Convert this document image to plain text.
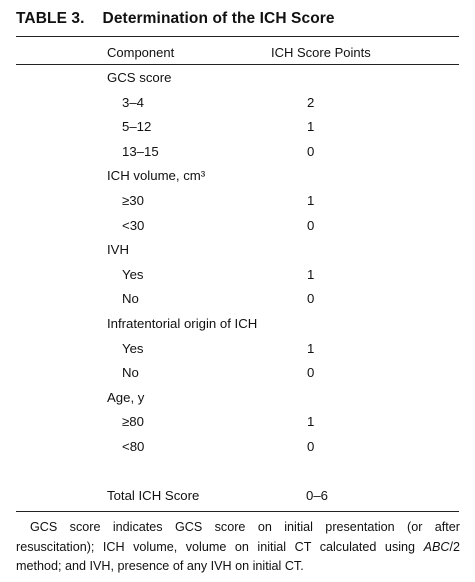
TABLE 3. Determination of the ICH Score
Component	ICH Score Points
GCS score
3–4	2
5–12	1
13–15	0
ICH volume, cm³
≥30	1
<30	0
IVH
Yes	1
No	0
Infratentorial origin of ICH
Yes	1
No	0
Age, y
≥80	1
<80	0
Total ICH Score	0–6
GCS score indicates GCS score on initial presentation (or after resuscitation); ICH volume, volume on initial CT calculated using ABC/2 method; and IVH, presence of any IVH on initial CT.
